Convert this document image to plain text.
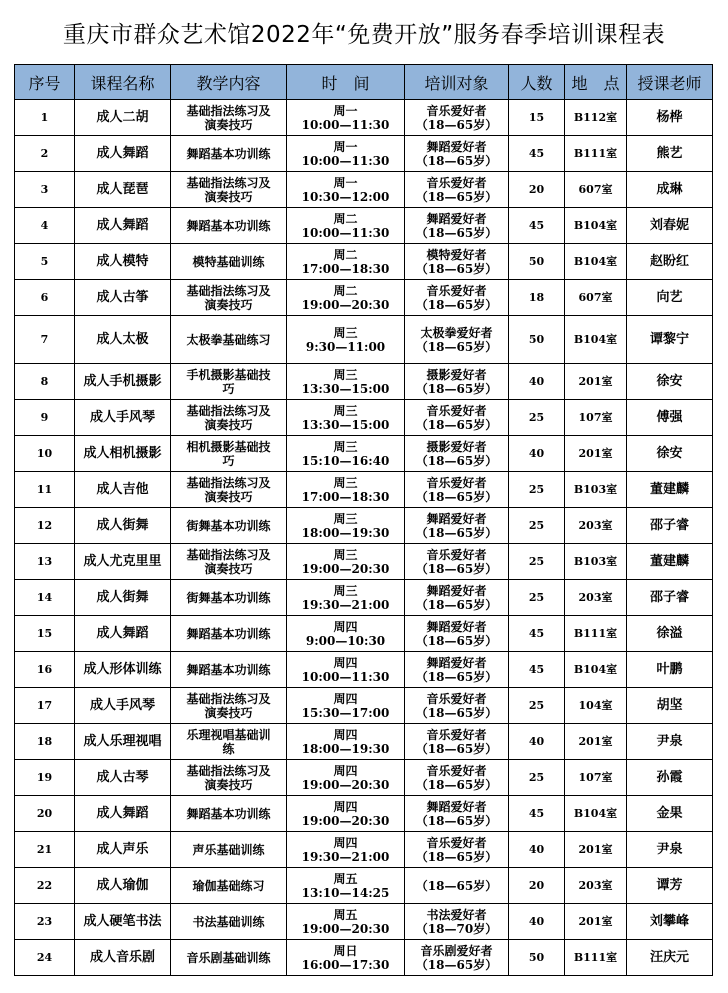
重庆市群众艺术馆2022年“免费开放”服务春季培训课程表
序号	课程名称	教学内容	时　间	培训对象	人数	地　点	授课老师
1	成人二胡	基础指法练习及
演奏技巧	周一
10:00—11:30	音乐爱好者
（18—65岁）	15	B112室	杨桦
2	成人舞蹈	舞蹈基本功训练	周一
10:00—11:30	舞蹈爱好者
（18—65岁）	45	B111室	熊艺
3	成人琵琶	基础指法练习及
演奏技巧	周一
10:30—12:00	音乐爱好者
（18—65岁）	20	607室	成琳
4	成人舞蹈	舞蹈基本功训练	周二
10:00—11:30	舞蹈爱好者
（18—65岁）	45	B104室	刘春妮
5	成人模特	模特基础训练	周二
17:00—18:30	模特爱好者
（18—65岁）	50	B104室	赵盼红
6	成人古筝	基础指法练习及
演奏技巧	周二
19:00—20:30	音乐爱好者
（18—65岁）	18	607室	向艺
7	成人太极	太极拳基础练习	周三
9:30—11:00	太极拳爱好者
（18—65岁）	50	B104室	谭黎宁
8	成人手机摄影	手机摄影基础技
巧	周三
13:30—15:00	摄影爱好者
（18—65岁）	40	201室	徐安
9	成人手风琴	基础指法练习及
演奏技巧	周三
13:30—15:00	音乐爱好者
（18—65岁）	25	107室	傅强
10	成人相机摄影	相机摄影基础技
巧	周三
15:10—16:40	摄影爱好者
（18—65岁）	40	201室	徐安
11	成人吉他	基础指法练习及
演奏技巧	周三
17:00—18:30	音乐爱好者
（18—65岁）	25	B103室	董建麟
12	成人街舞	街舞基本功训练	周三
18:00—19:30	舞蹈爱好者
（18—65岁）	25	203室	邵子睿
13	成人尤克里里	基础指法练习及
演奏技巧	周三
19:00—20:30	音乐爱好者
（18—65岁）	25	B103室	董建麟
14	成人街舞	街舞基本功训练	周三
19:30—21:00	舞蹈爱好者
（18—65岁）	25	203室	邵子睿
15	成人舞蹈	舞蹈基本功训练	周四
9:00—10:30	舞蹈爱好者
（18—65岁）	45	B111室	徐溢
16	成人形体训练	舞蹈基本功训练	周四
10:00—11:30	舞蹈爱好者
（18—65岁）	45	B104室	叶鹏
17	成人手风琴	基础指法练习及
演奏技巧	周四
15:30—17:00	音乐爱好者
（18—65岁）	25	104室	胡坚
18	成人乐理视唱	乐理视唱基础训
练	周四
18:00—19:30	音乐爱好者
（18—65岁）	40	201室	尹泉
19	成人古琴	基础指法练习及
演奏技巧	周四
19:00—20:30	音乐爱好者
（18—65岁）	25	107室	孙霞
20	成人舞蹈	舞蹈基本功训练	周四
19:00—20:30	舞蹈爱好者
（18—65岁）	45	B104室	金果
21	成人声乐	声乐基础训练	周四
19:30—21:00	音乐爱好者
（18—65岁）	40	201室	尹泉
22	成人瑜伽	瑜伽基础练习	周五
13:10—14:25	（18—65岁）	20	203室	谭芳
23	成人硬笔书法	书法基础训练	周五
19:00—20:30	书法爱好者
（18—70岁）	40	201室	刘攀峰
24	成人音乐剧	音乐剧基础训练	周日
16:00—17:30	音乐剧爱好者
（18—65岁）	50	B111室	汪庆元
